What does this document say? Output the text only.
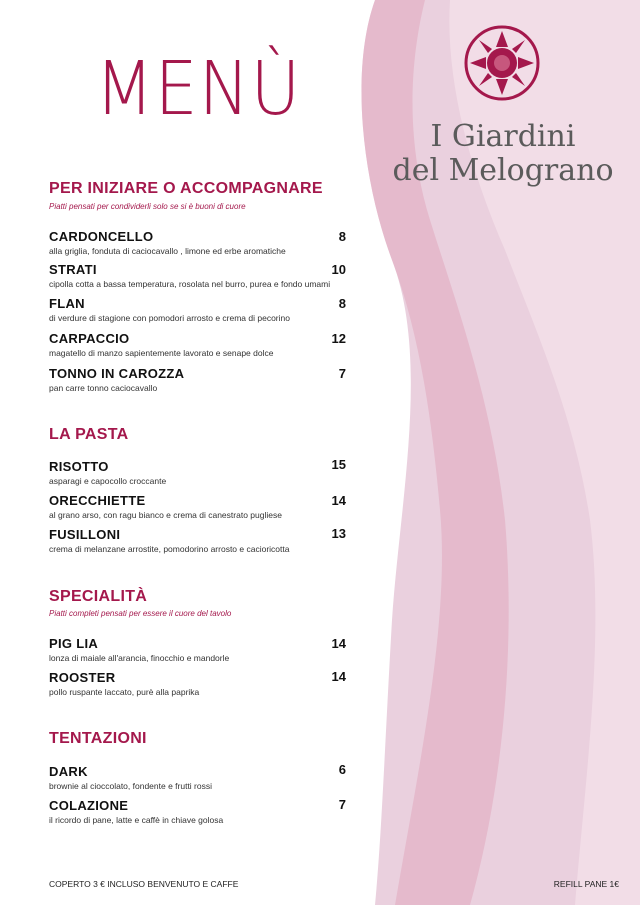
MENÙ
I Giardini
del Melograno
PER INIZIARE O ACCOMPAGNARE
Piatti pensati per condividerli solo se si è buoni di cuore
CARDONCELLO
alla griglia, fonduta di caciocavallo , limone ed erbe aromatiche
8
STRATI
cipolla cotta a bassa temperatura, rosolata nel burro, purea e fondo umami
10
FLAN
di verdure di stagione con pomodori arrosto e crema di pecorino
8
CARPACCIO
magatello di manzo sapientemente lavorato e senape dolce
12
TONNO IN CAROZZA
pan carre tonno caciocavallo
7
LA PASTA
RISOTTO
asparagi e capocollo croccante
15
ORECCHIETTE
al grano arso, con ragu bianco e crema di canestrato pugliese
14
FUSILLONI
crema di melanzane arrostite, pomodorino arrosto e cacioricotta
13
SPECIALITÀ
Piatti completi pensati per essere il cuore del tavolo
PIG LIA
lonza di maiale all'arancia, finocchio e mandorle
14
ROOSTER
pollo ruspante laccato, purè alla paprika
14
TENTAZIONI
DARK
brownie al cioccolato, fondente e frutti rossi
6
COLAZIONE
il ricordo di pane, latte e caffè in chiave golosa
7
COPERTO 3 € INCLUSO BENVENUTO E CAFFE	REFILL PANE 1€
